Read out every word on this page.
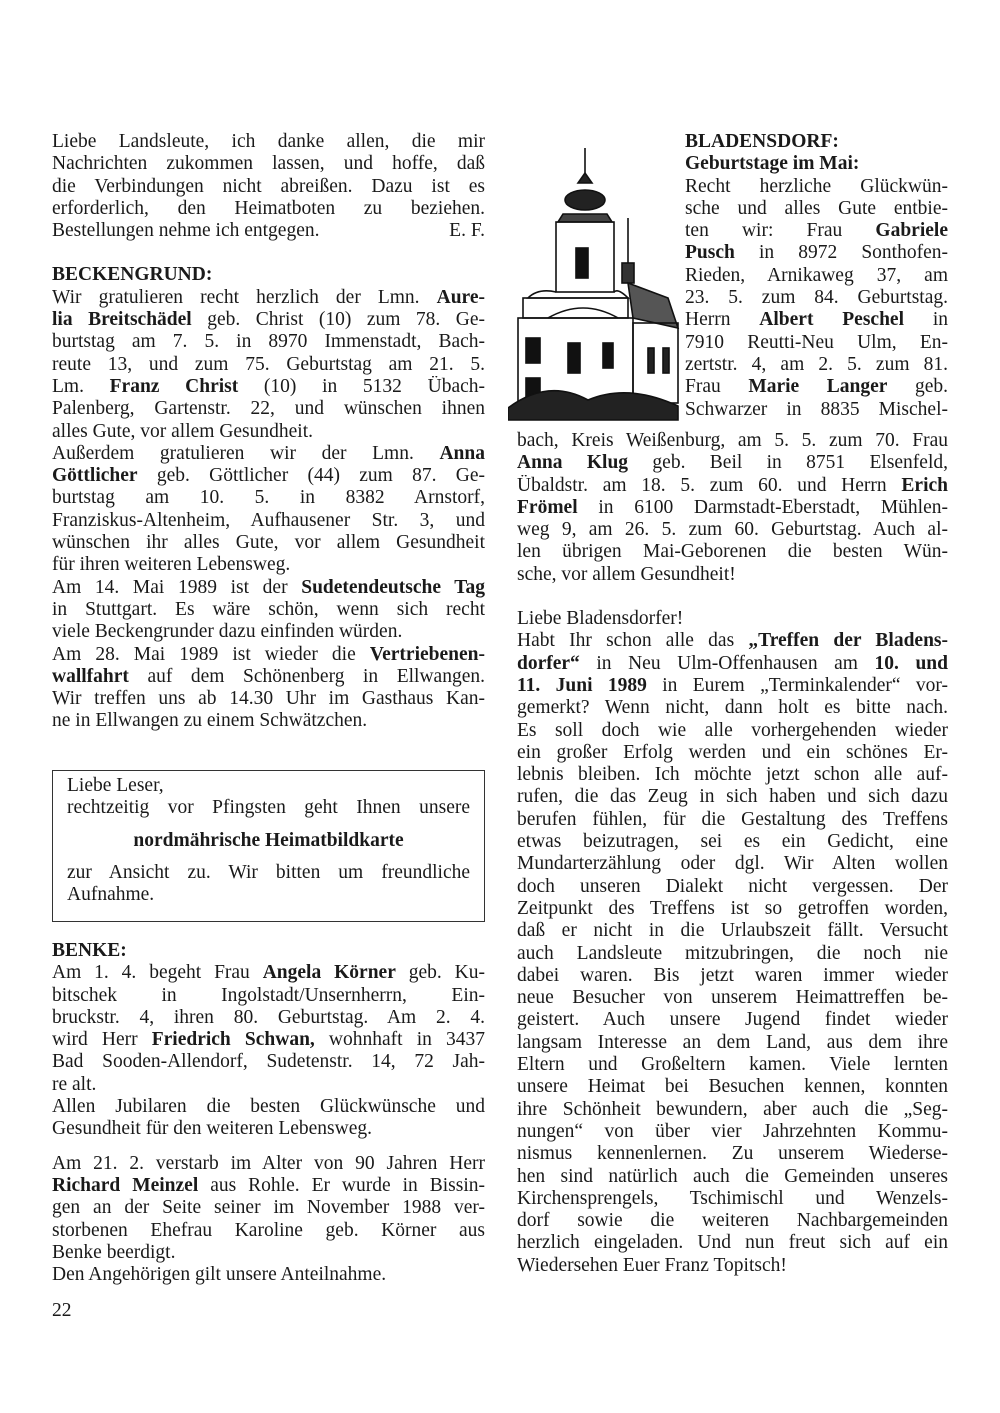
Liebe Landsleute, ich danke allen, die mir
Nachrichten zukommen lassen, und hoffe, daß
die Verbindungen nicht abreißen. Dazu ist es
erforderlich, den Heimatboten zu beziehen.
Bestellungen nehme ich entgegen.	E. F.
BECKENGRUND:
Wir gratulieren recht herzlich der Lmn. Aure-
lia Breitschädel geb. Christ (10) zum 78. Ge-
burtstag am 7. 5. in 8970 Immenstadt, Bach-
reute 13, und zum 75. Geburtstag am 21. 5.
Lm. Franz Christ (10) in 5132 Übach-
Palenberg, Gartenstr. 22, und wünschen ihnen
alles Gute, vor allem Gesundheit.
Außerdem gratulieren wir der Lmn. Anna
Göttlicher geb. Göttlicher (44) zum 87. Ge-
burtstag am 10. 5. in 8382 Arnstorf,
Franziskus-Altenheim, Aufhausener Str. 3, und
wünschen ihr alles Gute, vor allem Gesundheit
für ihren weiteren Lebensweg.
Am 14. Mai 1989 ist der Sudetendeutsche Tag
in Stuttgart. Es wäre schön, wenn sich recht
viele Beckengrunder dazu einfinden würden.
Am 28. Mai 1989 ist wieder die Vertriebenen-
wallfahrt auf dem Schönenberg in Ellwangen.
Wir treffen uns ab 14.30 Uhr im Gasthaus Kan-
ne in Ellwangen zu einem Schwätzchen.
Liebe Leser,
rechtzeitig vor Pfingsten geht Ihnen unsere
nordmährische Heimatbildkarte
zur Ansicht zu. Wir bitten um freundliche
Aufnahme.
BENKE:
Am 1. 4. begeht Frau Angela Körner geb. Ku-
bitschek in Ingolstadt/Unsernherrn, Ein-
bruckstr. 4, ihren 80. Geburtstag. Am 2. 4.
wird Herr Friedrich Schwan, wohnhaft in 3437
Bad Sooden-Allendorf, Sudetenstr. 14, 72 Jah-
re alt.
Allen Jubilaren die besten Glückwünsche und
Gesundheit für den weiteren Lebensweg.
Am 21. 2. verstarb im Alter von 90 Jahren Herr
Richard Meinzel aus Rohle. Er wurde in Bissin-
gen an der Seite seiner im November 1988 ver-
storbenen Ehefrau Karoline geb. Körner aus
Benke beerdigt.
Den Angehörigen gilt unsere Anteilnahme.
22
BLADENSDORF:
Geburtstage im Mai:
Recht herzliche Glückwün-
sche und alles Gute entbie-
ten wir: Frau Gabriele
Pusch in 8972 Sonthofen-
Rieden, Arnikaweg 37, am
23. 5. zum 84. Geburtstag.
Herrn Albert Peschel in
7910 Reutti-Neu Ulm, En-
zertstr. 4, am 2. 5. zum 81.
Frau Marie Langer geb.
Schwarzer in 8835 Mischel-
bach, Kreis Weißenburg, am 5. 5. zum 70. Frau
Anna Klug geb. Beil in 8751 Elsenfeld,
Übaldstr. am 18. 5. zum 60. und Herrn Erich
Frömel in 6100 Darmstadt-Eberstadt, Mühlen-
weg 9, am 26. 5. zum 60. Geburtstag. Auch al-
len übrigen Mai-Geborenen die besten Wün-
sche, vor allem Gesundheit!
Liebe Bladensdorfer!
Habt Ihr schon alle das „Treffen der Bladens-
dorfer“ in Neu Ulm-Offenhausen am 10. und
11. Juni 1989 in Eurem „Terminkalender“ vor-
gemerkt? Wenn nicht, dann holt es bitte nach.
Es soll doch wie alle vorhergehenden wieder
ein großer Erfolg werden und ein schönes Er-
lebnis bleiben. Ich möchte jetzt schon alle auf-
rufen, die das Zeug in sich haben und sich dazu
berufen fühlen, für die Gestaltung des Treffens
etwas beizutragen, sei es ein Gedicht, eine
Mundarterzählung oder dgl. Wir Alten wollen
doch unseren Dialekt nicht vergessen. Der
Zeitpunkt des Treffens ist so getroffen worden,
daß er nicht in die Urlaubszeit fällt. Versucht
auch Landsleute mitzubringen, die noch nie
dabei waren. Bis jetzt waren immer wieder
neue Besucher von unserem Heimattreffen be-
geistert. Auch unsere Jugend findet wieder
langsam Interesse an dem Land, aus dem ihre
Eltern und Großeltern kamen. Viele lernten
unsere Heimat bei Besuchen kennen, konnten
ihre Schönheit bewundern, aber auch die „Seg-
nungen“ von über vier Jahrzehnten Kommu-
nismus kennenlernen. Zu unserem Wiederse-
hen sind natürlich auch die Gemeinden unseres
Kirchensprengels, Tschimischl und Wenzels-
dorf sowie die weiteren Nachbargemeinden
herzlich eingeladen. Und nun freut sich auf ein
Wiedersehen Euer Franz Topitsch!
